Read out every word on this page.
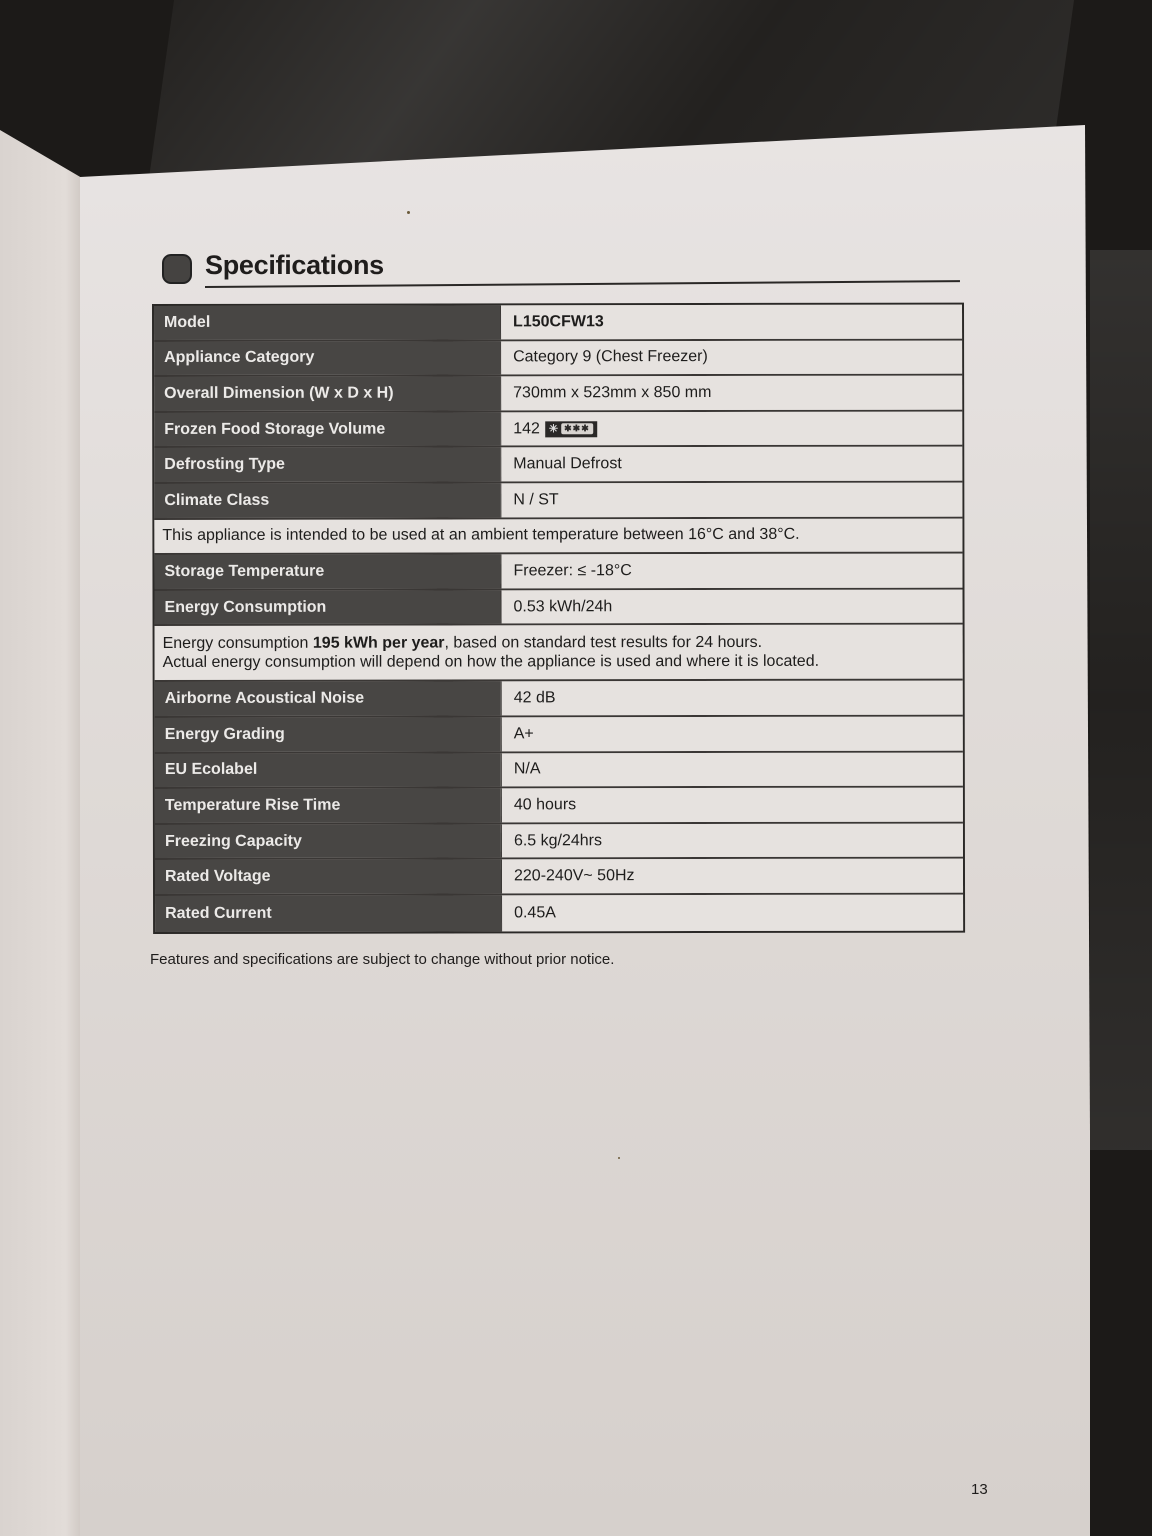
Specifications
Model	L150CFW13
Appliance Category	Category 9 (Chest Freezer)
Overall Dimension (W x D x H)	730mm x 523mm x 850 mm
Frozen Food Storage Volume	142 ✳ ✱✱✱
Defrosting Type	Manual Defrost
Climate Class	N / ST
This appliance is intended to be used at an ambient temperature between 16°C and 38°C.
Storage Temperature	Freezer: ≤ -18°C
Energy Consumption	0.53 kWh/24h
Energy consumption 195 kWh per year, based on standard test results for 24 hours.
Actual energy consumption will depend on how the appliance is used and where it is located.
Airborne Acoustical Noise	42 dB
Energy Grading	A+
EU Ecolabel	N/A
Temperature Rise Time	40 hours
Freezing Capacity	6.5 kg/24hrs
Rated Voltage	220-240V~ 50Hz
Rated Current	0.45A
Features and specifications are subject to change without prior notice.
13
